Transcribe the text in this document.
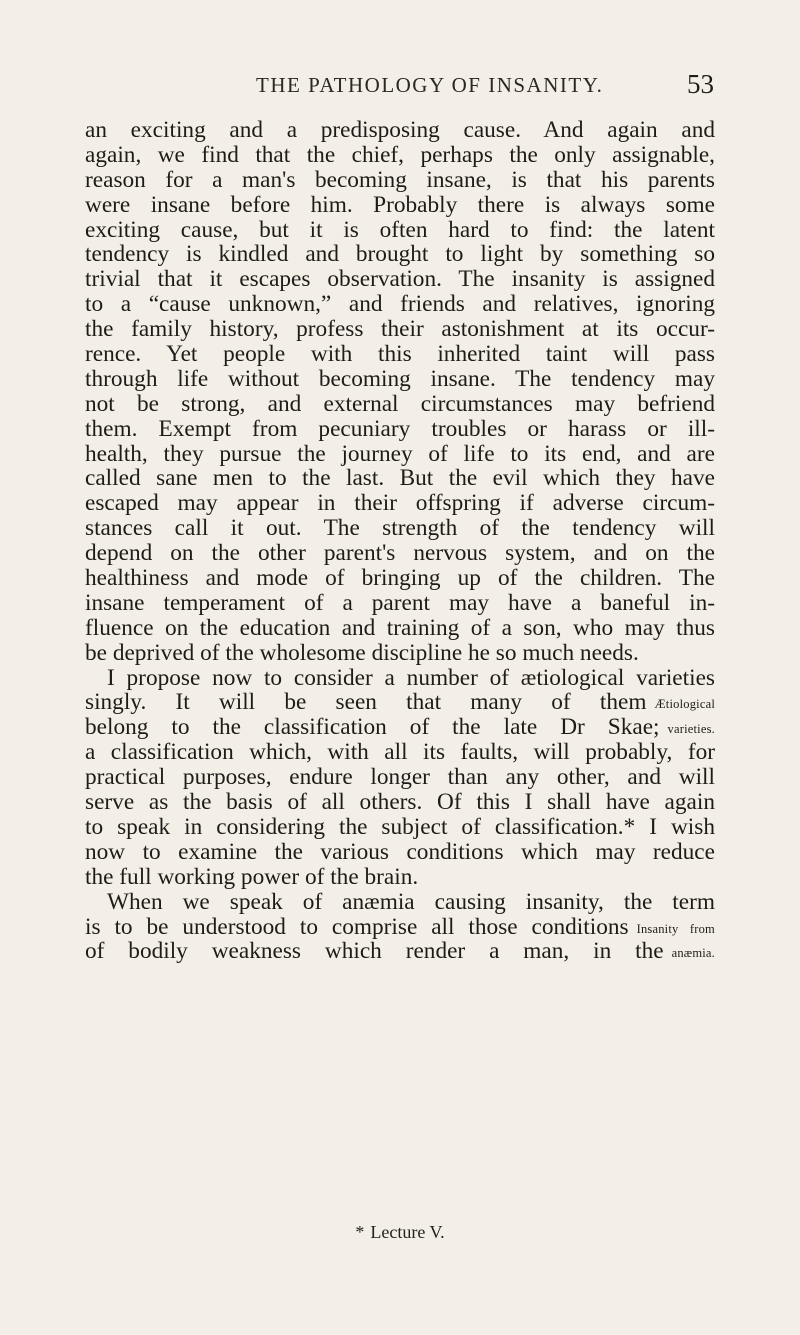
THE PATHOLOGY OF INSANITY.	53
an exciting and a predisposing cause. And again and
again, we find that the chief, perhaps the only assignable,
reason for a man's becoming insane, is that his parents
were insane before him. Probably there is always some
exciting cause, but it is often hard to find: the latent
tendency is kindled and brought to light by something so
trivial that it escapes observation. The insanity is assigned
to a “cause unknown,” and friends and relatives, ignoring
the family history, profess their astonishment at its occur-
rence. Yet people with this inherited taint will pass
through life without becoming insane. The tendency may
not be strong, and external circumstances may befriend
them. Exempt from pecuniary troubles or harass or ill-
health, they pursue the journey of life to its end, and are
called sane men to the last. But the evil which they have
escaped may appear in their offspring if adverse circum-
stances call it out. The strength of the tendency will
depend on the other parent's nervous system, and on the
healthiness and mode of bringing up of the children. The
insane temperament of a parent may have a baneful in-
fluence on the education and training of a son, who may thus
be deprived of the wholesome discipline he so much needs.
I propose now to consider a number of ætiological varieties
singly. It will be seen that many of them Ætiological
belong to the classification of the late Dr Skae; varieties.
a classification which, with all its faults, will probably, for
practical purposes, endure longer than any other, and will
serve as the basis of all others. Of this I shall have again
to speak in considering the subject of classification.* I wish
now to examine the various conditions which may reduce
the full working power of the brain.
When we speak of anæmia causing insanity, the term
is to be understood to comprise all those conditions Insanity from
of bodily weakness which render a man, in the anæmia.
* Lecture V.
